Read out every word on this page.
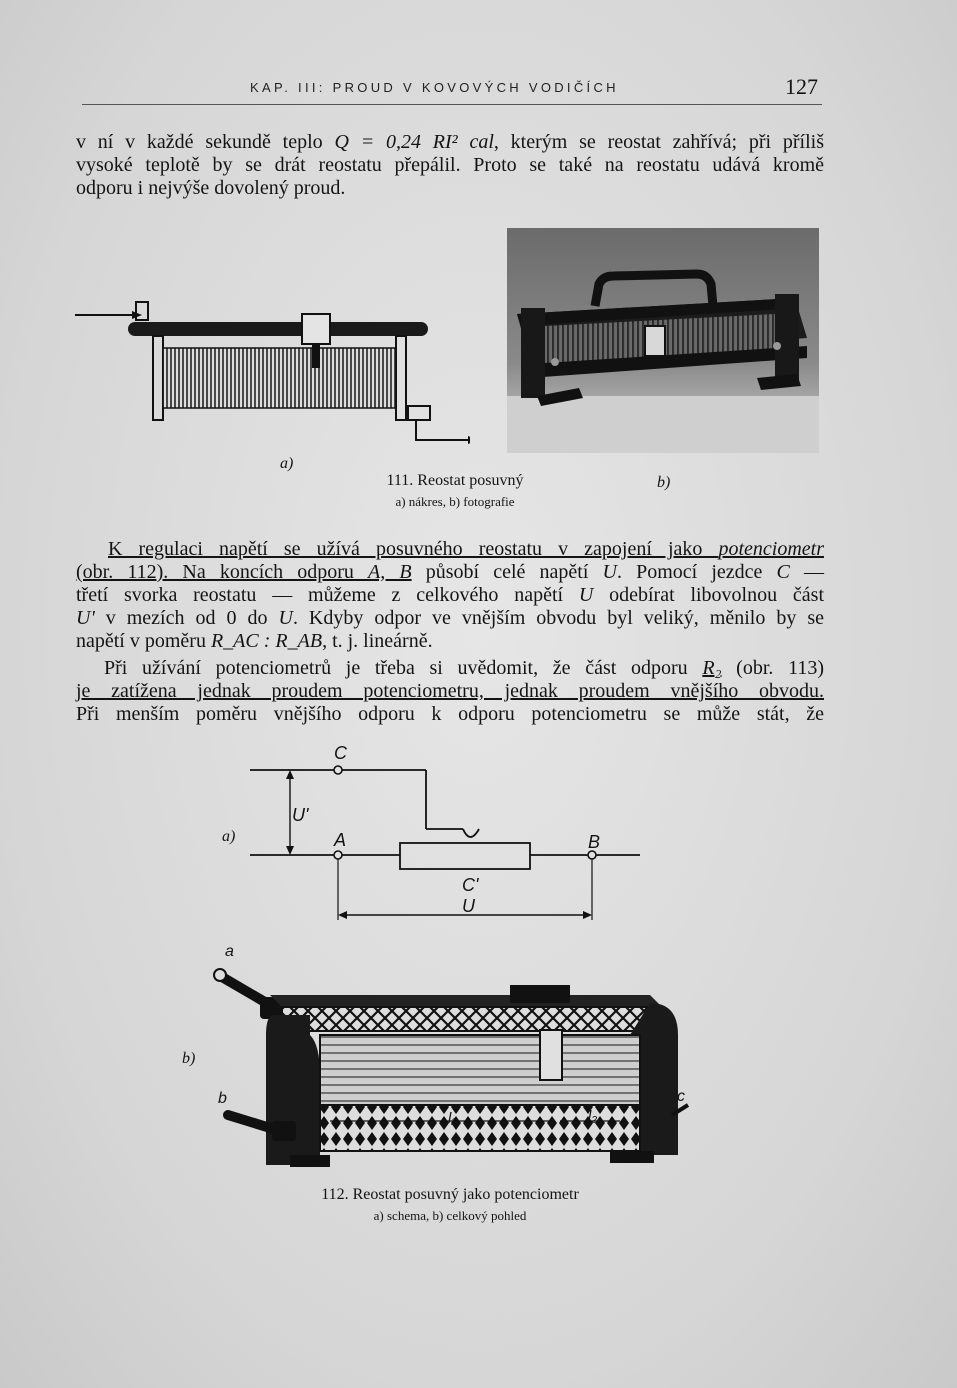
KAP. III: PROUD V KOVOVÝCH VODIČÍCH	127
v ní v každé sekundě teplo Q = 0,24 RI² cal, kterým se reostat zahřívá; při příliš
vysoké teplotě by se drát reostatu přepálil. Proto se také na reostatu udává kromě
odporu i nejvýše dovolený proud.
a)
b)
111. Reostat posuvný
a) nákres, b) fotografie
K regulaci napětí se užívá posuvného reostatu v zapojení jako potenciometr
(obr. 112). Na koncích odporu A, B působí celé napětí U. Pomocí jezdce C —
třetí svorka reostatu — můžeme z celkového napětí U odebírat libovolnou část
U' v mezích od 0 do U. Kdyby odpor ve vnějším obvodu byl veliký, měnilo by se
napětí v poměru R_AC : R_AB, t. j. lineárně.
Při užívání potenciometrů je třeba si uvědomit, že část odporu R₂ (obr. 113)
je zatížena jednak proudem potenciometru, jednak proudem vnějšího obvodu.
Při menším poměru vnějšího odporu k odporu potenciometru se může stát, že
a)
C
U'
A	B
C'
U
b)
a
b	c
l₁	l₂
112. Reostat posuvný jako potenciometr
a) schema, b) celkový pohled
